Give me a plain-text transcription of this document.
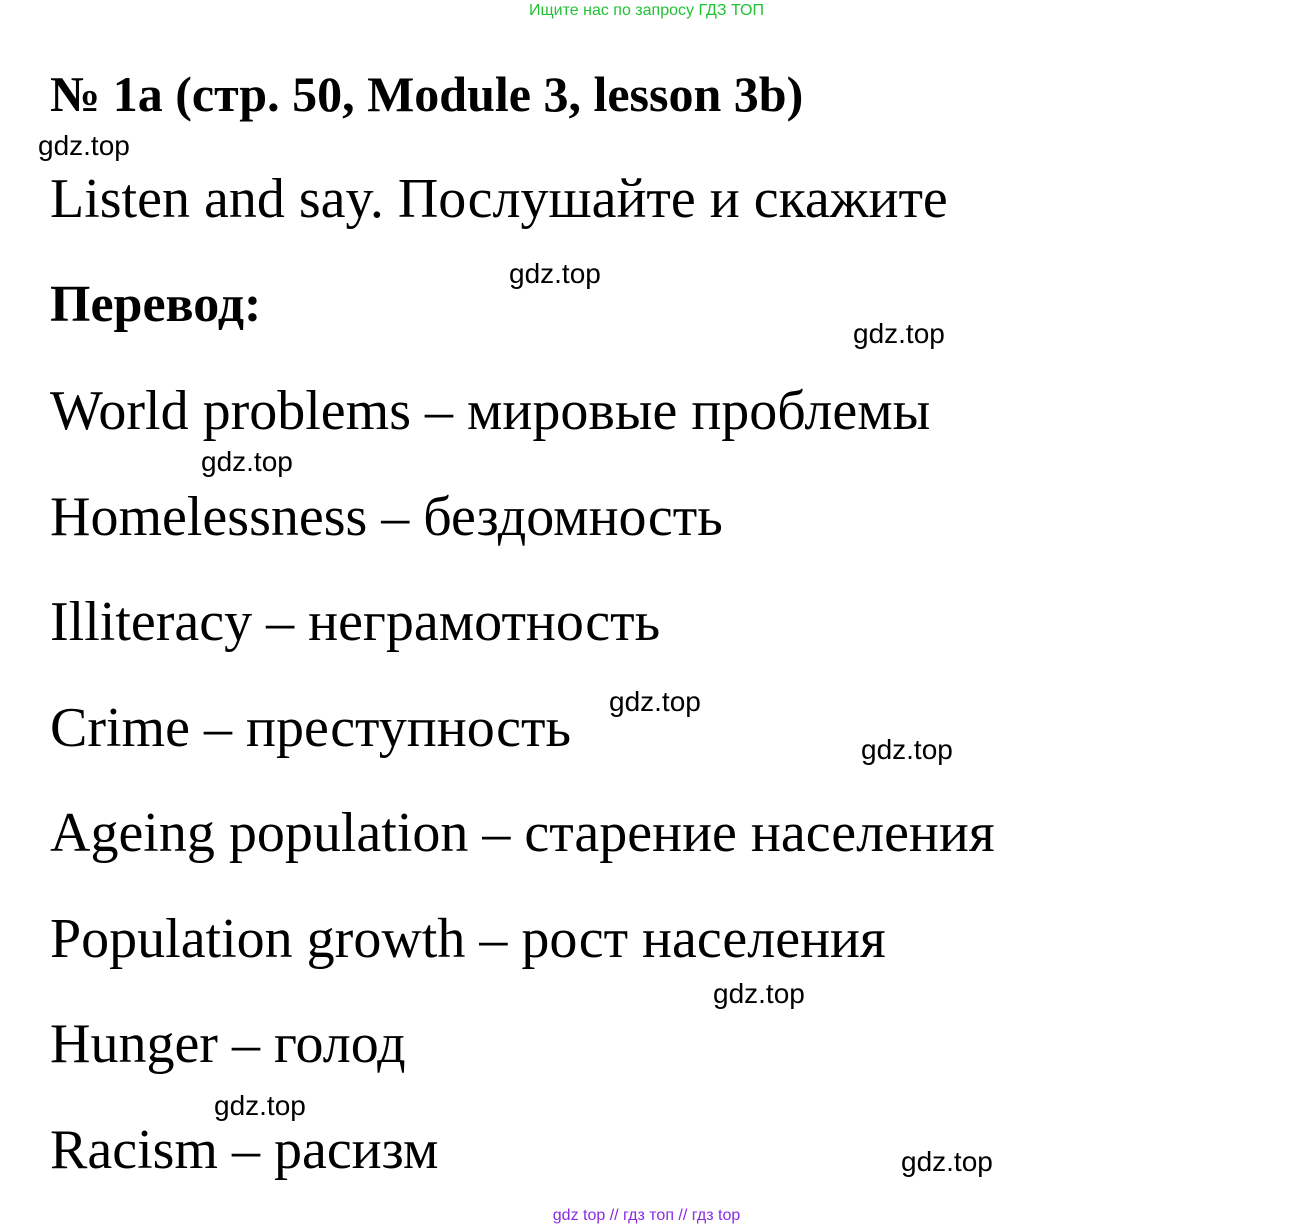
Ищите нас по запросу ГДЗ ТОП
№ 1a (стр. 50, Module 3, lesson 3b)
gdz.top
Listen and say. Послушайте и скажите
gdz.top
Перевод:
gdz.top
World problems – мировые проблемы
gdz.top
Homelessness – бездомность
Illiteracy – неграмотность
gdz.top
Crime – преступность	gdz.top
Ageing population – старение населения
Population growth – рост населения
gdz.top
Hunger – голод
gdz.top
Racism – расизм	gdz.top
gdz top // гдз топ // гдз top
